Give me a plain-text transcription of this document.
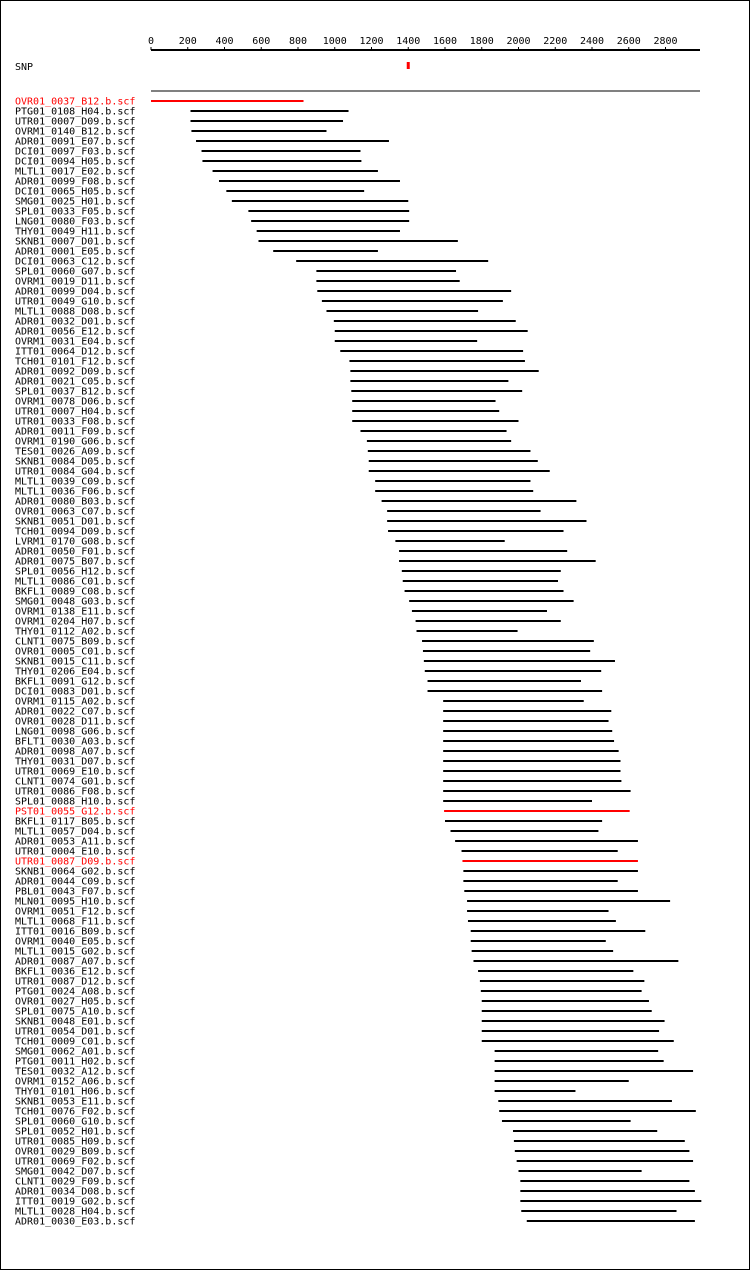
0 200 400 600 800 1000 1200 1400 1600 1800 2000 2200 2400 2600 2800
SNP
OVR01_0037_B12.b.scf
PTG01_0108_H04.b.scf
UTR01_0007_D09.b.scf
OVRM1_0140_B12.b.scf
ADR01_0091_E07.b.scf
DCI01_0097_F03.b.scf
DCI01_0094_H05.b.scf
MLTL1_0017_E02.b.scf
ADR01_0099_F08.b.scf
DCI01_0065_H05.b.scf
SMG01_0025_H01.b.scf
SPL01_0033_F05.b.scf
LNG01_0080_F03.b.scf
THY01_0049_H11.b.scf
SKNB1_0007_D01.b.scf
ADR01_0001_E05.b.scf
DCI01_0063_C12.b.scf
SPL01_0060_G07.b.scf
OVRM1_0019_D11.b.scf
ADR01_0099_D04.b.scf
UTR01_0049_G10.b.scf
MLTL1_0088_D08.b.scf
ADR01_0032_D01.b.scf
ADR01_0056_E12.b.scf
OVRM1_0031_E04.b.scf
ITT01_0064_D12.b.scf
TCH01_0101_F12.b.scf
ADR01_0092_D09.b.scf
ADR01_0021_C05.b.scf
SPL01_0037_B12.b.scf
OVRM1_0078_D06.b.scf
UTR01_0007_H04.b.scf
UTR01_0033_F08.b.scf
ADR01_0011_F09.b.scf
OVRM1_0190_G06.b.scf
TES01_0026_A09.b.scf
SKNB1_0084_D05.b.scf
UTR01_0084_G04.b.scf
MLTL1_0039_C09.b.scf
MLTL1_0036_F06.b.scf
ADR01_0080_B03.b.scf
OVR01_0063_C07.b.scf
SKNB1_0051_D01.b.scf
TCH01_0094_D09.b.scf
LVRM1_0170_G08.b.scf
ADR01_0050_F01.b.scf
ADR01_0075_B07.b.scf
SPL01_0056_H12.b.scf
MLTL1_0086_C01.b.scf
BKFL1_0089_C08.b.scf
SMG01_0048_G03.b.scf
OVRM1_0138_E11.b.scf
OVRM1_0204_H07.b.scf
THY01_0112_A02.b.scf
CLNT1_0075_B09.b.scf
OVR01_0005_C01.b.scf
SKNB1_0015_C11.b.scf
THY01_0206_E04.b.scf
BKFL1_0091_G12.b.scf
DCI01_0083_D01.b.scf
OVRM1_0115_A02.b.scf
ADR01_0022_C07.b.scf
OVR01_0028_D11.b.scf
LNG01_0098_G06.b.scf
BFLT1_0030_A03.b.scf
ADR01_0098_A07.b.scf
THY01_0031_D07.b.scf
UTR01_0069_E10.b.scf
CLNT1_0074_G01.b.scf
UTR01_0086_F08.b.scf
SPL01_0088_H10.b.scf
PST01_0055_G12.b.scf
BKFL1_0117_B05.b.scf
MLTL1_0057_D04.b.scf
ADR01_0053_A11.b.scf
UTR01_0004_E10.b.scf
UTR01_0087_D09.b.scf
SKNB1_0064_G02.b.scf
ADR01_0044_C09.b.scf
PBL01_0043_F07.b.scf
MLN01_0095_H10.b.scf
OVRM1_0051_F12.b.scf
MLTL1_0068_F11.b.scf
ITT01_0016_B09.b.scf
OVRM1_0040_E05.b.scf
MLTL1_0015_G02.b.scf
ADR01_0087_A07.b.scf
BKFL1_0036_E12.b.scf
UTR01_0087_D12.b.scf
PTG01_0024_A08.b.scf
OVR01_0027_H05.b.scf
SPL01_0075_A10.b.scf
SKNB1_0048_E01.b.scf
UTR01_0054_D01.b.scf
TCH01_0009_C01.b.scf
SMG01_0062_A01.b.scf
PTG01_0011_H02.b.scf
TES01_0032_A12.b.scf
OVRM1_0152_A06.b.scf
THY01_0101_H06.b.scf
SKNB1_0053_E11.b.scf
TCH01_0076_F02.b.scf
SPL01_0060_G10.b.scf
SPL01_0052_H01.b.scf
UTR01_0085_H09.b.scf
OVR01_0029_B09.b.scf
UTR01_0069_F02.b.scf
SMG01_0042_D07.b.scf
CLNT1_0029_F09.b.scf
ADR01_0034_D08.b.scf
ITT01_0019_G02.b.scf
MLTL1_0028_H04.b.scf
ADR01_0030_E03.b.scf
